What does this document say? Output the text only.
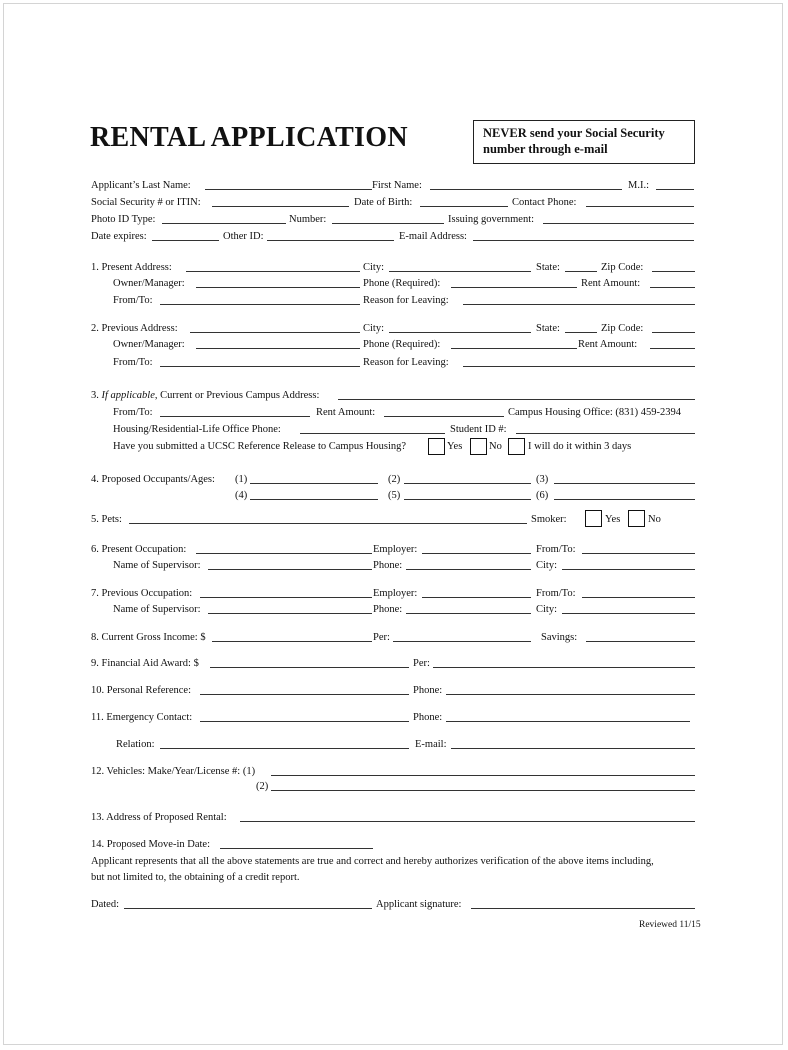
RENTAL APPLICATION	NEVER send your Social Security
number through e-mail
Applicant’s Last Name:	First Name:	M.I.:
Social Security # or ITIN:	Date of Birth:	Contact Phone:
Photo ID Type:	Number:	Issuing government:
Date expires:	Other ID:	E-mail Address:
1. Present Address:	City:	State:	Zip Code:
Owner/Manager:	Phone (Required):	Rent Amount:
From/To:	Reason for Leaving:
2. Previous Address:	City:	State:	Zip Code:
Owner/Manager:	Phone (Required):	Rent Amount:
From/To:	Reason for Leaving:
3. If applicable, Current or Previous Campus Address:
From/To:	Rent Amount:	Campus Housing Office: (831) 459-2394
Housing/Residential-Life Office Phone:	Student ID #:
Have you submitted a UCSC Reference Release to Campus Housing?	Yes	No I will do it within 3 days
4. Proposed Occupants/Ages: (1)	(2)	(3)
(4)	(5)	(6)
5. Pets:	Smoker:	Yes	No
6. Present Occupation:	Employer:	From/To:
Name of Supervisor:	Phone:	City:
7. Previous Occupation:	Employer:	From/To:
Name of Supervisor:	Phone:	City:
8. Current Gross Income: $	Per:	Savings:
9. Financial Aid Award: $	Per:
10. Personal Reference:	Phone:
11. Emergency Contact:	Phone:
Relation:	E-mail:
12. Vehicles: Make/Year/License #: (1)
(2)
13. Address of Proposed Rental:
14. Proposed Move-in Date:
Applicant represents that all the above statements are true and correct and hereby authorizes verification of the above items including,
but not limited to, the obtaining of a credit report.
Dated:	Applicant signature:
Reviewed 11/15
